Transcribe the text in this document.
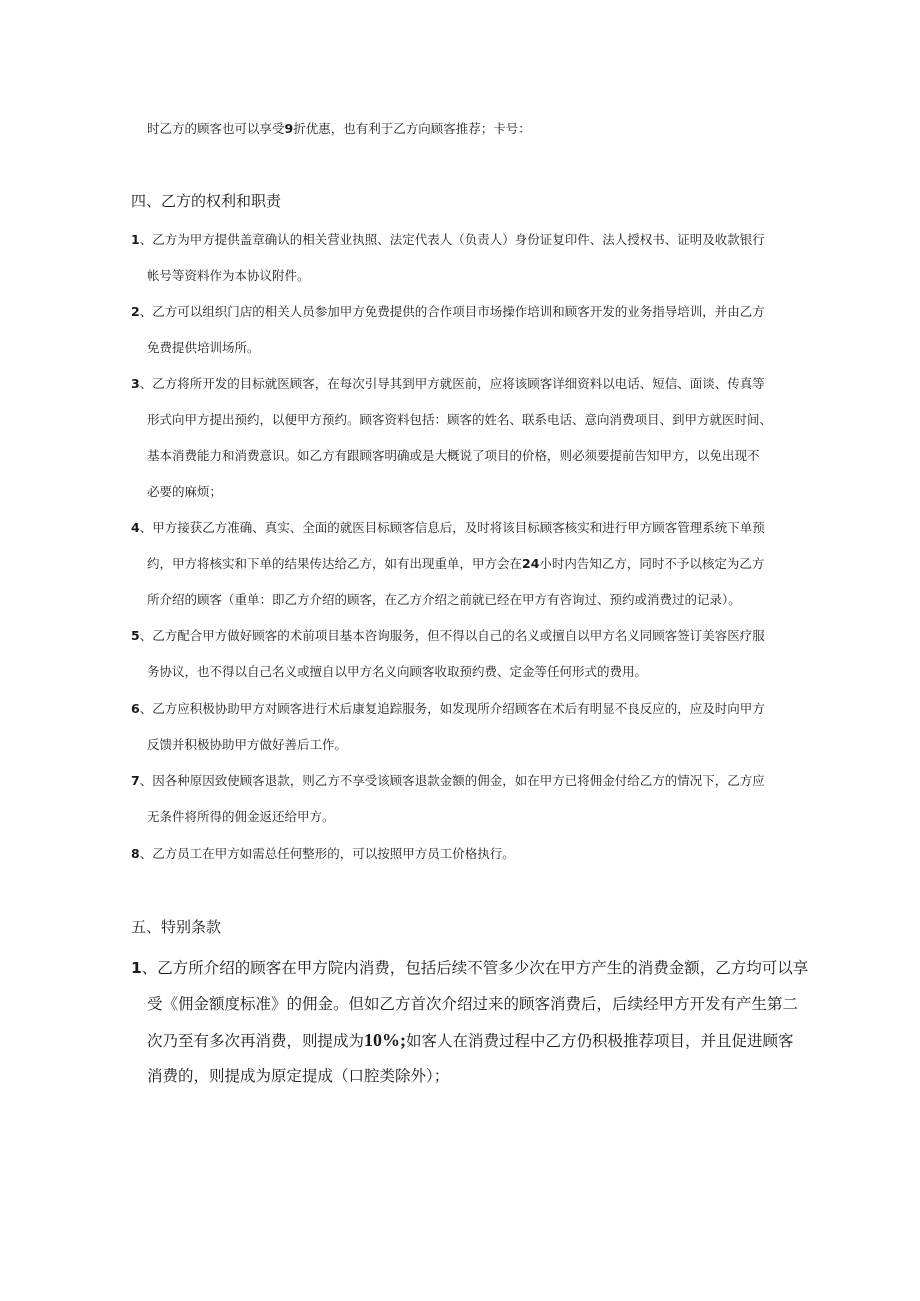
时乙方的顾客也可以享受9折优惠，也有利于乙方向顾客推荐；卡号：
四、乙方的权利和职责
1、乙方为甲方提供盖章确认的相关营业执照、法定代表人（负责人）身份证复印件、法人授权书、证明及收款银行
帐号等资料作为本协议附件。
2、乙方可以组织门店的相关人员参加甲方免费提供的合作项目市场操作培训和顾客开发的业务指导培训，并由乙方
免费提供培训场所。
3、乙方将所开发的目标就医顾客，在每次引导其到甲方就医前，应将该顾客详细资料以电话、短信、面谈、传真等
形式向甲方提出预约，以便甲方预约。顾客资料包括：顾客的姓名、联系电话、意向消费项目、到甲方就医时间、
基本消费能力和消费意识。如乙方有跟顾客明确或是大概说了项目的价格，则必须要提前告知甲方，以免出现不
必要的麻烦；
4、甲方接获乙方准确、真实、全面的就医目标顾客信息后，及时将该目标顾客核实和进行甲方顾客管理系统下单预
约，甲方将核实和下单的结果传达给乙方，如有出现重单，甲方会在24小时内告知乙方，同时不予以核定为乙方
所介绍的顾客（重单：即乙方介绍的顾客，在乙方介绍之前就已经在甲方有咨询过、预约或消费过的记录）。
5、乙方配合甲方做好顾客的术前项目基本咨询服务，但不得以自己的名义或擅自以甲方名义同顾客签订美容医疗服
务协议，也不得以自己名义或擅自以甲方名义向顾客收取预约费、定金等任何形式的费用。
6、乙方应积极协助甲方对顾客进行术后康复追踪服务，如发现所介绍顾客在术后有明显不良反应的，应及时向甲方
反馈并积极协助甲方做好善后工作。
7、因各种原因致使顾客退款，则乙方不享受该顾客退款金额的佣金，如在甲方已将佣金付给乙方的情况下，乙方应
无条件将所得的佣金返还给甲方。
8、乙方员工在甲方如需总任何整形的，可以按照甲方员工价格执行。
五、特别条款
1、乙方所介绍的顾客在甲方院内消费，包括后续不管多少次在甲方产生的消费金额，乙方均可以享
受《佣金额度标准》的佣金。但如乙方首次介绍过来的顾客消费后，后续经甲方开发有产生第二
次乃至有多次再消费，则提成为10%;如客人在消费过程中乙方仍积极推荐项目，并且促进顾客
消费的，则提成为原定提成（口腔类除外）；
